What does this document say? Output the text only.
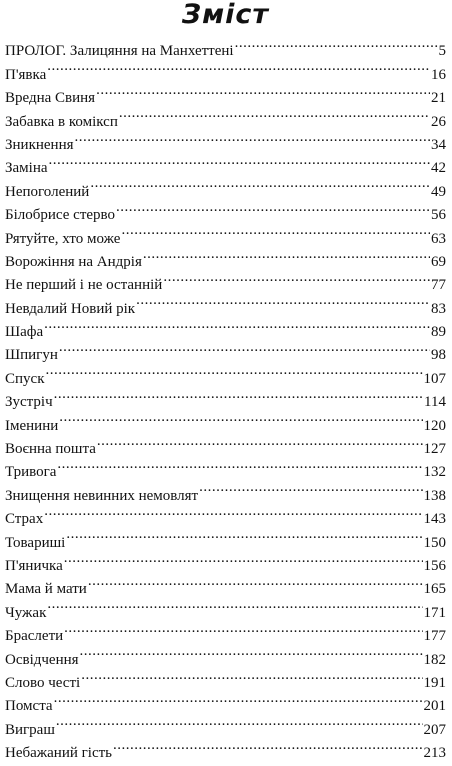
Зміст
ПРОЛОГ. Залицяння на Манхеттені .....	5
П'явка .....	16
Вредна Свиня .....	21
Забавка в коміксп .....	26
Зникнення .....	34
Заміна .....	42
Непоголений .....	49
Білобрисе стерво .....	56
Рятуйте, хто може .....	63
Ворожіння на Андрія .....	69
Не перший і не останній .....	77
Невдалий Новий рік .....	83
Шафа .....	89
Шпигун .....	98
Спуск .....	107
Зустріч .....	114
Іменини .....	120
Воєнна пошта .....	127
Тривога .....	132
Знищення невинних немовлят .....	138
Страх .....	143
Товариші .....	150
П'яничка .....	156
Мама й мати .....	165
Чужак .....	171
Браслети .....	177
Освідчення .....	182
Слово честі .....	191
Помста .....	201
Виграш .....	207
Небажаний гість .....	213
